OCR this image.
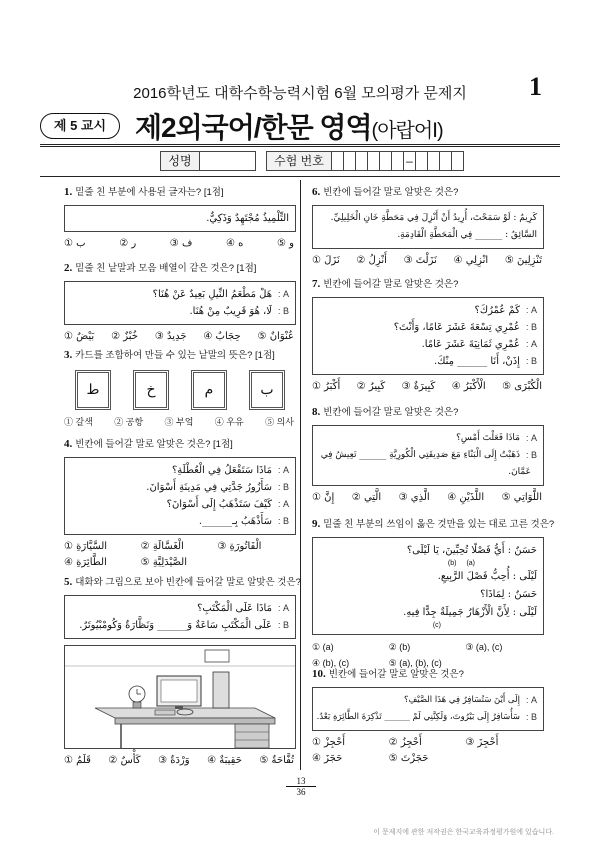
2016학년도 대학수학능력시험 6월 모의평가 문제지	1
제 5 교시	제2외국어/한문 영역(아랍어Ⅰ)
성명	수험 번호	–
1. 밑줄 친 부분에 사용된 글자는? [1점]
التِّلْمِيذُ مُجْتَهِدٌ وَذَكِيٌّ.
① ب	② ر	③ ف	④ ه	⑤ و
2. 밑줄 친 낱말과 모음 배열이 같은 것은? [1점]
A :
هَلْ مَطْعَمُ النِّيلِ بَعِيدٌ عَنْ هُنَا؟
B :
لَا، هُوَ قَرِيبٌ مِنْ هُنَا.
① بَيْضٌ ② خُبْزٌ ③ جَدِيدٌ ④ حِجَابٌ ⑤ عُنْوَانٌ
3. 카드를 조합하여 만들 수 있는 낱말의 뜻은? [1점]
ط	خ	م	ب
① 갈색 ② 공항 ③ 부엌 ④ 우유 ⑤ 의사
4. 빈칸에 들어갈 말로 알맞은 것은? [1점]
A :
مَاذَا سَتَفْعَلُ فِي الْعُطْلَةِ؟
B :
سَأَزُورُ جَدَّتِي فِي مَدِينَةِ أَسْوَانَ.
A :
كَيْفَ سَتَذْهَبُ إِلَى أَسْوَانَ؟
B :
سَأَذْهَبُ بِـ______.
① السَّيَّارَةِ	② الْغَسَّالَةِ	③ الْفَاتُورَةِ
④ الطَّائِرَةِ	⑤ الصَّيْدَلِيَّةِ
5. 대화와 그림으로 보아 빈칸에 들어갈 말로 알맞은 것은?
A :
مَاذَا عَلَى الْمَكْتَبِ؟
B :
عَلَى الْمَكْتَبِ سَاعَةٌ وَ______ وَنَظَّارَةٌ وَكُومْبْيُوتَرٌ.
① قَلَمٌ ② كَأْسٌ ③ وَرْدَةٌ ④ حَقِيبَةٌ ⑤ تُفَّاحَةٌ
6. 빈칸에 들어갈 말로 알맞은 것은?
كَرِيمٌ : لَوْ سَمَحْتَ، أُرِيدُ أَنْ أَنْزِلَ فِي مَحَطَّةِ خَانِ الْخَلِيلِيِّ.
السَّائِقُ : ______ فِي الْمَحَطَّةِ الْقَادِمَةِ.
① نَزَلَ ② أَنْزِلُ ③ نَزَلْتَ ④ انْزِلِي ⑤ تَنْزِلِينَ
7. 빈칸에 들어갈 말로 알맞은 것은?
A :
كَمْ عُمْرُكَ؟
B :
عُمْرِي تِسْعَةَ عَشَرَ عَامًا، وَأَنْتَ؟
A :
عُمْرِي ثَمَانِيَةَ عَشَرَ عَامًا.
B :
إِذَنْ، أَنَا ______ مِنْكَ.
① أَكْبَرُ ② كَبِيرٌ ③ كَبِيرَةٌ ④ الْأَكْبَرُ ⑤ الْكُبْرَى
8. 빈칸에 들어갈 말로 알맞은 것은?
A :
مَاذَا فَعَلْتَ أَمْسِ؟
B :
ذَهَبْتُ إِلَى الْبَنْاءِ مَعَ صَدِيقَتِي الْكُورِيَّةِ ______ تَعِيشُ فِي
عَمَّانَ.
① إِنَّ ② الَّتِي ③ الَّذِي ④ اللَّذَيْنِ ⑤ اللَّوَاتِي
9. 밑줄 친 부분의 쓰임이 옳은 것만을 있는 대로 고른 것은?
حَسَنٌ : أَيُّ فَصْلًا تُحِبِّينَ، يَا لَيْلَى؟
(b) (a)
لَيْلَى : أُحِبُّ فَصْلَ الرَّبِيعِ.
حَسَنٌ : لِمَاذَا؟
لَيْلَى : لِأَنَّ الْأَزْهَارُ جَمِيلَةٌ جِدًّا فِيهِ.
(c)
① (a)	② (b)	③ (a), (c)
④ (b), (c)	⑤ (a), (b), (c)
10. 빈칸에 들어갈 말로 알맞은 것은?
A :
إِلَى أَيْنَ سَتُسَافِرُ فِي هَذَا الصَّيْفِ؟
B :
سَأُسَافِرُ إِلَى بَيْرُوتَ، وَلَكِنَّنِي لَمْ ______ تَذْكِرَةَ الطَّائِرَةِ بَعْدُ.
① أَحْجِزْ	② أَحْجِزُ	③ أَحْجِزَ
④ حَجَزَ	⑤ حَجَزْتَ
13
36
이 문제지에 관한 저작권은 한국교육과정평가원에 있습니다.
